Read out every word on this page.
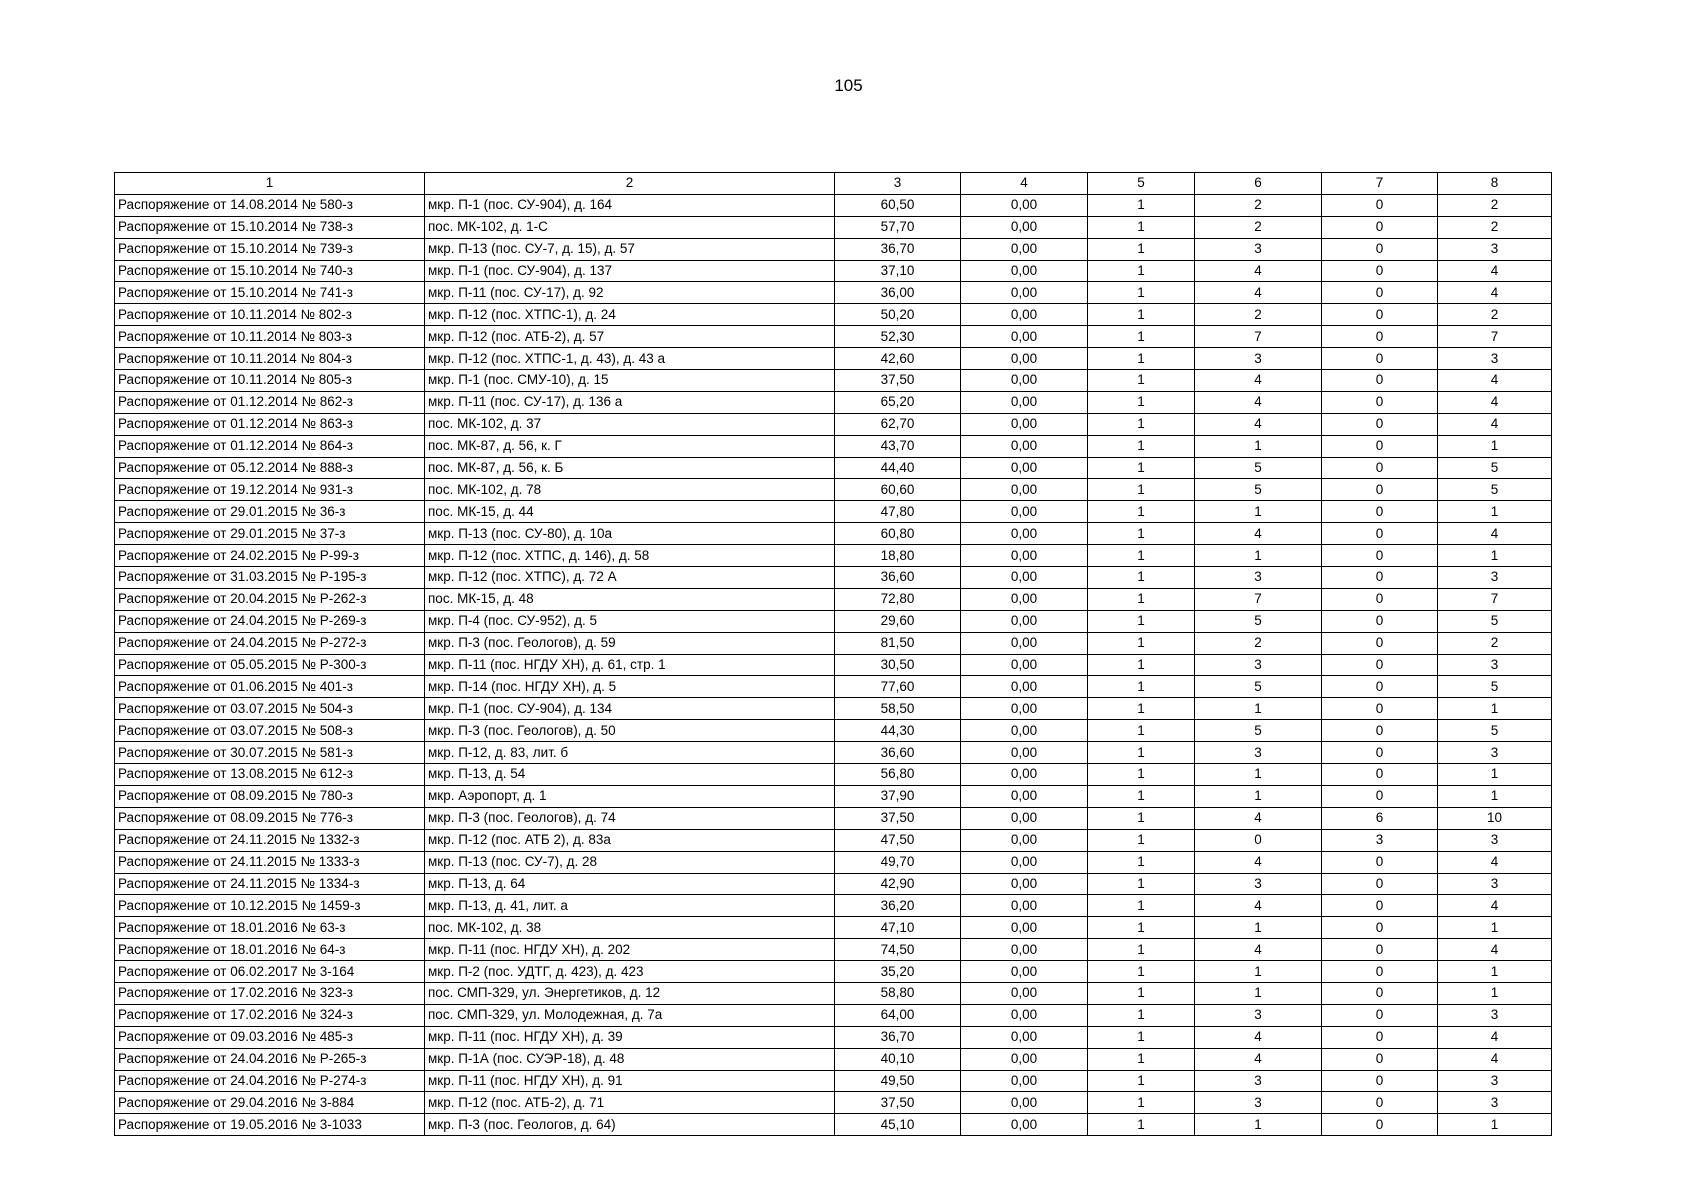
105
1	2	3	4	5	6	7	8
Распоряжение от 14.08.2014 № 580-з	мкр. П-1 (пос. СУ-904), д. 164	60,50	0,00	1	2	0	2
Распоряжение от 15.10.2014 № 738-з	пос. МК-102, д. 1-С	57,70	0,00	1	2	0	2
Распоряжение от 15.10.2014 № 739-з	мкр. П-13 (пос. СУ-7, д. 15), д. 57	36,70	0,00	1	3	0	3
Распоряжение от 15.10.2014 № 740-з	мкр. П-1 (пос. СУ-904), д. 137	37,10	0,00	1	4	0	4
Распоряжение от 15.10.2014 № 741-з	мкр. П-11 (пос. СУ-17), д. 92	36,00	0,00	1	4	0	4
Распоряжение от 10.11.2014 № 802-з	мкр. П-12 (пос. ХТПС-1), д. 24	50,20	0,00	1	2	0	2
Распоряжение от 10.11.2014 № 803-з	мкр. П-12 (пос. АТБ-2), д. 57	52,30	0,00	1	7	0	7
Распоряжение от 10.11.2014 № 804-з	мкр. П-12 (пос. ХТПС-1, д. 43), д. 43 а	42,60	0,00	1	3	0	3
Распоряжение от 10.11.2014 № 805-з	мкр. П-1 (пос. СМУ-10), д. 15	37,50	0,00	1	4	0	4
Распоряжение от 01.12.2014 № 862-з	мкр. П-11 (пос. СУ-17), д. 136 а	65,20	0,00	1	4	0	4
Распоряжение от 01.12.2014 № 863-з	пос. МК-102, д. 37	62,70	0,00	1	4	0	4
Распоряжение от 01.12.2014 № 864-з	пос. МК-87, д. 56, к. Г	43,70	0,00	1	1	0	1
Распоряжение от 05.12.2014 № 888-з	пос. МК-87, д. 56, к. Б	44,40	0,00	1	5	0	5
Распоряжение от 19.12.2014 № 931-з	пос. МК-102, д. 78	60,60	0,00	1	5	0	5
Распоряжение от 29.01.2015 № 36-з	пос. МК-15, д. 44	47,80	0,00	1	1	0	1
Распоряжение от 29.01.2015 № 37-з	мкр. П-13 (пос. СУ-80), д. 10а	60,80	0,00	1	4	0	4
Распоряжение от 24.02.2015 № Р-99-з	мкр. П-12 (пос. ХТПС, д. 146), д. 58	18,80	0,00	1	1	0	1
Распоряжение от 31.03.2015 № Р-195-з	мкр. П-12 (пос. ХТПС), д. 72 А	36,60	0,00	1	3	0	3
Распоряжение от 20.04.2015 № Р-262-з	пос. МК-15, д. 48	72,80	0,00	1	7	0	7
Распоряжение от 24.04.2015 № Р-269-з	мкр. П-4 (пос. СУ-952), д. 5	29,60	0,00	1	5	0	5
Распоряжение от 24.04.2015 № Р-272-з	мкр. П-3 (пос. Геологов), д. 59	81,50	0,00	1	2	0	2
Распоряжение от 05.05.2015 № Р-300-з	мкр. П-11 (пос. НГДУ ХН), д. 61, стр. 1	30,50	0,00	1	3	0	3
Распоряжение от 01.06.2015 № 401-з	мкр. П-14 (пос. НГДУ ХН), д. 5	77,60	0,00	1	5	0	5
Распоряжение от 03.07.2015 № 504-з	мкр. П-1 (пос. СУ-904), д. 134	58,50	0,00	1	1	0	1
Распоряжение от 03.07.2015 № 508-з	мкр. П-3 (пос. Геологов), д. 50	44,30	0,00	1	5	0	5
Распоряжение от 30.07.2015 № 581-з	мкр. П-12, д. 83, лит. б	36,60	0,00	1	3	0	3
Распоряжение от 13.08.2015 № 612-з	мкр. П-13, д. 54	56,80	0,00	1	1	0	1
Распоряжение от 08.09.2015 № 780-з	мкр. Аэропорт, д. 1	37,90	0,00	1	1	0	1
Распоряжение от 08.09.2015 № 776-з	мкр. П-3 (пос. Геологов), д. 74	37,50	0,00	1	4	6	10
Распоряжение от 24.11.2015 № 1332-з	мкр. П-12 (пос. АТБ 2), д. 83а	47,50	0,00	1	0	3	3
Распоряжение от 24.11.2015 № 1333-з	мкр. П-13 (пос. СУ-7), д. 28	49,70	0,00	1	4	0	4
Распоряжение от 24.11.2015 № 1334-з	мкр. П-13, д. 64	42,90	0,00	1	3	0	3
Распоряжение от 10.12.2015 № 1459-з	мкр. П-13, д. 41, лит. а	36,20	0,00	1	4	0	4
Распоряжение от 18.01.2016 № 63-з	пос. МК-102, д. 38	47,10	0,00	1	1	0	1
Распоряжение от 18.01.2016 № 64-з	мкр. П-11 (пос. НГДУ ХН), д. 202	74,50	0,00	1	4	0	4
Распоряжение от 06.02.2017 № 3-164	мкр. П-2 (пос. УДТГ, д. 423), д. 423	35,20	0,00	1	1	0	1
Распоряжение от 17.02.2016 № 323-з	пос. СМП-329, ул. Энергетиков, д. 12	58,80	0,00	1	1	0	1
Распоряжение от 17.02.2016 № 324-з	пос. СМП-329, ул. Молодежная, д. 7а	64,00	0,00	1	3	0	3
Распоряжение от 09.03.2016 № 485-з	мкр. П-11 (пос. НГДУ ХН), д. 39	36,70	0,00	1	4	0	4
Распоряжение от 24.04.2016 № Р-265-з	мкр. П-1А (пос. СУЭР-18), д. 48	40,10	0,00	1	4	0	4
Распоряжение от 24.04.2016 № Р-274-з	мкр. П-11 (пос. НГДУ ХН), д. 91	49,50	0,00	1	3	0	3
Распоряжение от 29.04.2016 № 3-884	мкр. П-12 (пос. АТБ-2), д. 71	37,50	0,00	1	3	0	3
Распоряжение от 19.05.2016 № 3-1033	мкр. П-3 (пос. Геологов, д. 64)	45,10	0,00	1	1	0	1
